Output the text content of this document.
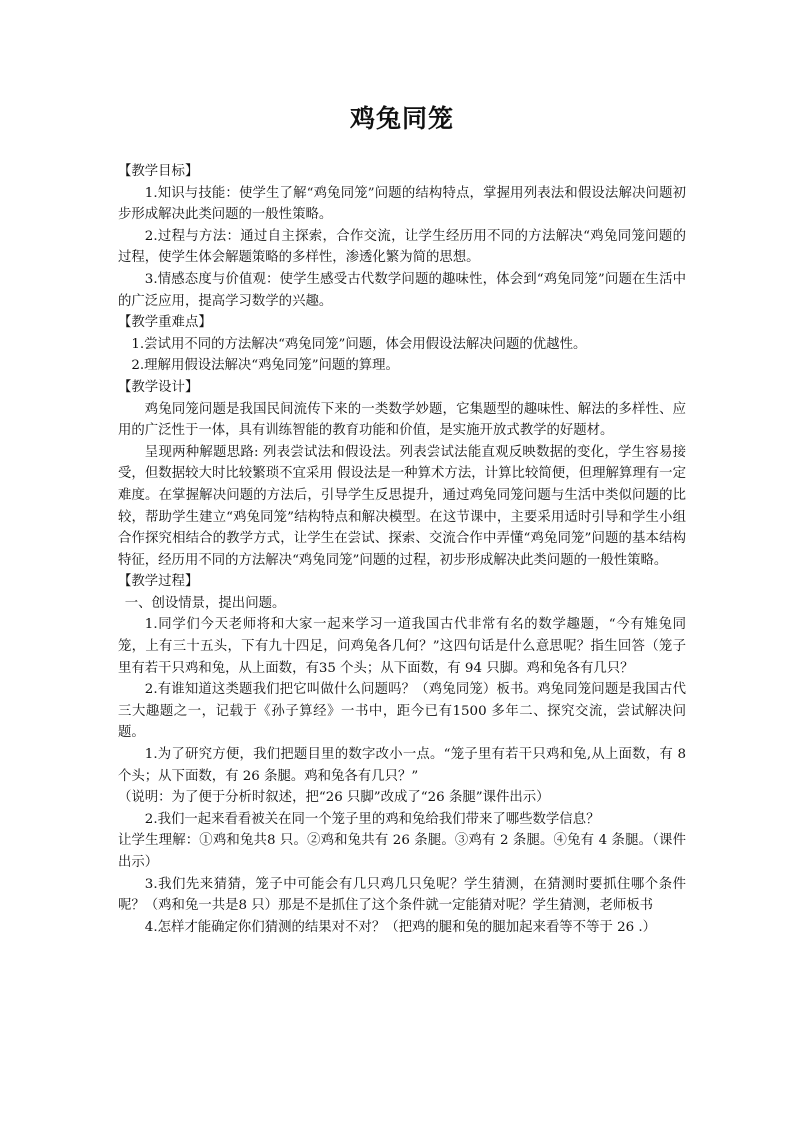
鸡兔同笼

【教学目标】

1.知识与技能：使学生了解“鸡兔同笼”问题的结构特点，掌握用列表法和假设法解决问题初步形成解决此类问题的一般性策略。

2.过程与方法：通过自主探索，合作交流，让学生经历用不同的方法解决“鸡兔同笼问题的过程，使学生体会解题策略的多样性，渗透化繁为简的思想。

3.情感态度与价值观：使学生感受古代数学问题的趣味性，体会到“鸡兔同笼”问题在生活中的广泛应用，提高学习数学的兴趣。

【教学重难点】

1.尝试用不同的方法解决“鸡兔同笼”问题，体会用假设法解决问题的优越性。

2.理解用假设法解决“鸡兔同笼”问题的算理。

【教学设计】

鸡兔同笼问题是我国民间流传下来的一类数学妙题，它集题型的趣味性、解法的多样性、应用的广泛性于一体，具有训练智能的教育功能和价值，是实施开放式教学的好题材。

呈现两种解题思路: 列表尝试法和假设法。列表尝试法能直观反映数据的变化，学生容易接受，但数据较大时比较繁琐不宜采用 假设法是一种算术方法，计算比较简便，但理解算理有一定难度。在掌握解决问题的方法后，引导学生反思提升，通过鸡兔同笼问题与生活中类似问题的比较，帮助学生建立“鸡兔同笼”结构特点和解决模型。在这节课中，主要采用适时引导和学生小组合作探究相结合的教学方式，让学生在尝试、探索、交流合作中弄懂“鸡兔同笼”问题的基本结构特征，经历用不同的方法解决“鸡兔同笼”问题的过程，初步形成解决此类问题的一般性策略。

【教学过程】

一、创设情景，提出问题。

1.同学们今天老师将和大家一起来学习一道我国古代非常有名的数学趣题，“今有雉兔同笼，上有三十五头，下有九十四足，问鸡兔各几何？”这四句话是什么意思呢？指生回答（笼子里有若干只鸡和兔，从上面数，有35 个头；从下面数，有 94 只脚。鸡和兔各有几只？

2.有谁知道这类题我们把它叫做什么问题吗？（鸡兔同笼）板书。鸡兔同笼问题是我国古代三大趣题之一，记载于《孙子算经》一书中，距今已有1500 多年二、探究交流，尝试解决问题。

1.为了研究方便，我们把题目里的数字改小一点。“笼子里有若干只鸡和兔,从上面数，有 8 个头；从下面数，有 26 条腿。鸡和兔各有几只？”

（说明：为了便于分析时叙述，把“26 只脚”改成了“26 条腿”课件出示）

2.我们一起来看看被关在同一个笼子里的鸡和兔给我们带来了哪些数学信息？

让学生理解：①鸡和兔共8 只。②鸡和兔共有 26 条腿。③鸡有 2 条腿。④兔有 4 条腿。（课件出示）

3.我们先来猜猜，笼子中可能会有几只鸡几只兔呢？学生猜测，在猜测时要抓住哪个条件呢？（鸡和兔一共是8 只）那是不是抓住了这个条件就一定能猜对呢？学生猜测，老师板书

4.怎样才能确定你们猜测的结果对不对？（把鸡的腿和兔的腿加起来看等不等于 26 .）
